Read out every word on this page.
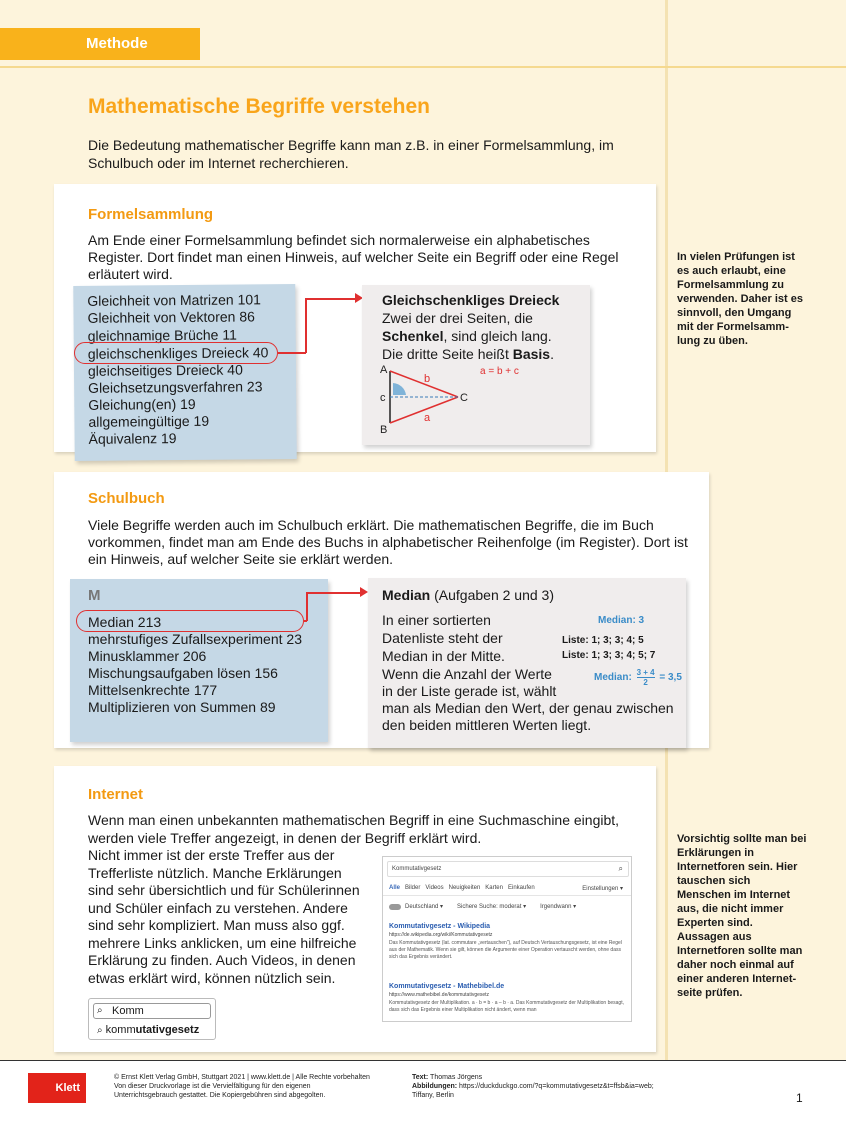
Methode
Mathematische Begriffe verstehen

Die Bedeutung mathematischer Begriffe kann man z.B. in einer Formelsammlung, im Schulbuch oder im Internet recherchieren.

Formelsammlung

Am Ende einer Formelsammlung befindet sich normalerweise ein alphabetisches Register. Dort findet man einen Hinweis, auf welcher Seite ein Begriff oder eine Regel erläutert wird.

Gleichheit von Matrizen 101
Gleichheit von Vektoren 86
gleichnamige Brüche 11
gleichschenkliges Dreieck 40
gleichseitiges Dreieck 40
Gleichsetzungsverfahren 23
Gleichung(en) 19
allgemeingültige 19
Äquivalenz 19
Gleichschenkliges Dreieck
Zwei der drei Seiten, die
Schenkel, sind gleich lang.
Die dritte Seite heißt Basis.
A
B
C
c
b
a
a = b + c
Schulbuch

Viele Begriffe werden auch im Schulbuch erklärt. Die mathematischen Begriffe, die im Buch vorkommen, findet man am Ende des Buchs in alphabetischer Reihenfolge (im Register). Dort ist ein Hinweis, auf welcher Seite sie erklärt werden.

M
Median 213
mehrstufiges Zufallsexperiment 23
Minusklammer 206
Mischungsaufgaben lösen 156
Mittelsenkrechte 177
Multiplizieren von Summen 89
Median (Aufgaben 2 und 3)
In einer sortierten
Datenliste steht der
Median in der Mitte.
Wenn die Anzahl der Werte
in der Liste gerade ist, wählt
man als Median den Wert, der genau zwischen
den beiden mittleren Werten liegt.
Median: 3
Liste: 1; 3; 3; 4; 5
Liste: 1; 3; 3; 4; 5; 7
Median: $\frac{3 + 4}{2} = 3,5$
Internet
Wenn man einen unbekannten mathematischen Begriff in eine Suchmaschine eingibt,
werden viele Treffer angezeigt, in denen der Begriff erklärt wird.
Nicht immer ist der erste Treffer aus der
Trefferliste nützlich. Manche Erklärungen
sind sehr übersichtlich und für Schülerinnen
und Schüler einfach zu verstehen. Andere
sind sehr kompliziert. Man muss also ggf.
mehrere Links anklicken, um eine hilfreiche
Erklärung zu finden. Auch Videos, in denen
etwas erklärt wird, können nützlich sein.
Kommutativgesetz	⌕
Alle Bilder Videos Neuigkeiten Karten Einkaufen	Einstellungen ▾
Deutschland ▾ Sichere Suche: moderat ▾ Irgendwann ▾
Kommutativgesetz - Wikipedia
https://de.wikipedia.org/wiki/Kommutativgesetz
Das Kommutativgesetz (lat. commutare „vertauschen“), auf Deutsch Vertauschungsgesetz, ist eine Regel aus der Mathematik. Wenn sie gilt, können die Argumente einer Operation vertauscht werden, ohne dass sich das Ergebnis verändert.
Kommutativgesetz - Mathebibel.de
https://www.mathebibel.de/kommutativgesetz
Kommutativgesetz der Multiplikation. a · b = b · a – b · a. Das Kommutativgesetz der Multiplikation besagt, dass sich das Ergebnis einer Multiplikation nicht ändert, wenn man
⌕ Komm
⌕ kommutativgesetz
In vielen Prüfungen ist es auch erlaubt, eine Formelsammlung zu verwenden. Daher ist es sinnvoll, den Umgang mit der Formelsamm-lung zu üben.
Vorsichtig sollte man bei Erklärungen in Internetforen sein. Hier tauschen sich Menschen im Internet aus, die nicht immer Experten sind. Aussagen aus Internetforen sollte man daher noch einmal auf einer anderen Internet-seite prüfen.
Klett
© Ernst Klett Verlag GmbH, Stuttgart 2021 | www.klett.de | Alle Rechte vorbehalten
Von dieser Druckvorlage ist die Vervielfältigung für den eigenen
Unterrichtsgebrauch gestattet. Die Kopiergebühren sind abgegolten.
Text: Thomas Jörgens
Abbildungen: https://duckduckgo.com/?q=kommutativgesetz&t=ffsb&ia=web;
Tiffany, Berlin	1
